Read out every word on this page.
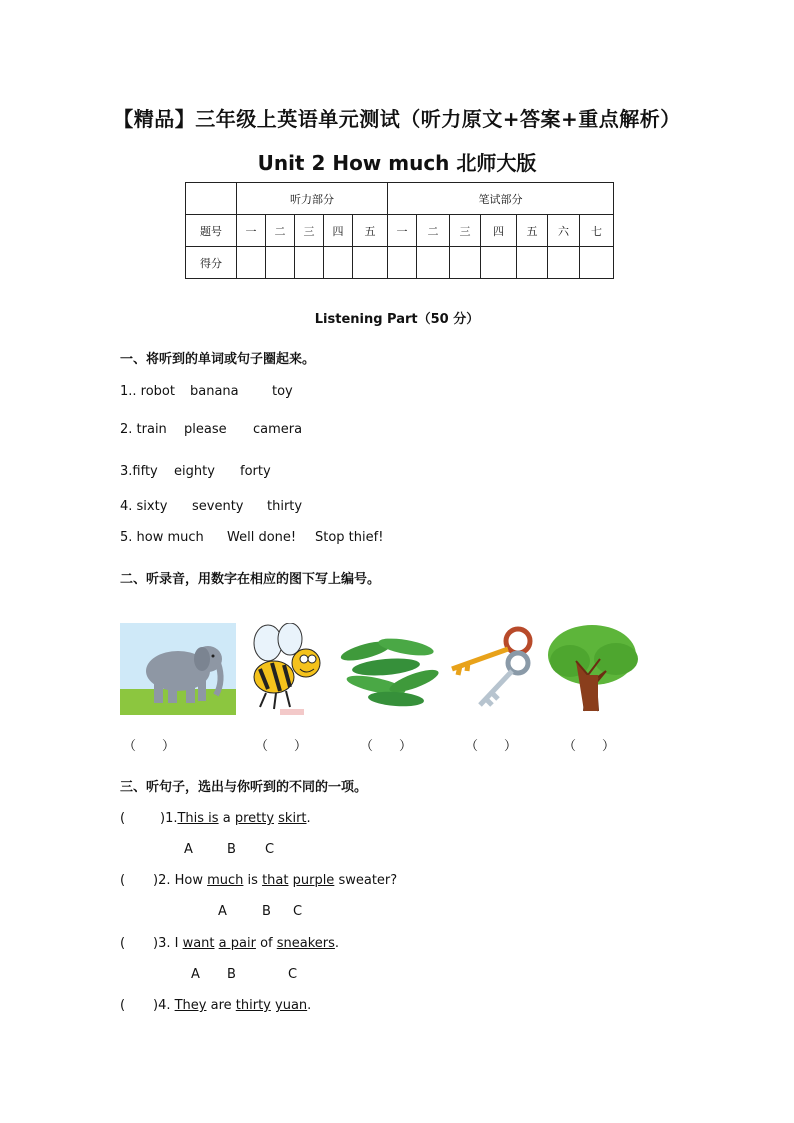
【精品】三年级上英语单元测试（听力原文+答案+重点解析）
Unit 2 How much 北师大版
	听力部分					笔试部分						
题号	一	二	三	四	五	一	二	三	四	五	六	七
得分												
Listening Part（50 分）
一、将听到的单词或句子圈起来。
1.. robot banana	toy
2. train please camera
3.fifty eighty forty
4. sixty seventy thirty
5. how much Well done! Stop thief!
二、听录音，用数字在相应的图下写上编号。
（　　）	（　　）	（　　）	（　　）	（　　）
三、听句子，选出与你听到的不同的一项。
(	)1.This is a pretty skirt.
A	B C
( )2. How much is that purple sweater?
A	B C
( )3. I want a pair of sneakers.
A B	C
( )4. They are thirty yuan.
